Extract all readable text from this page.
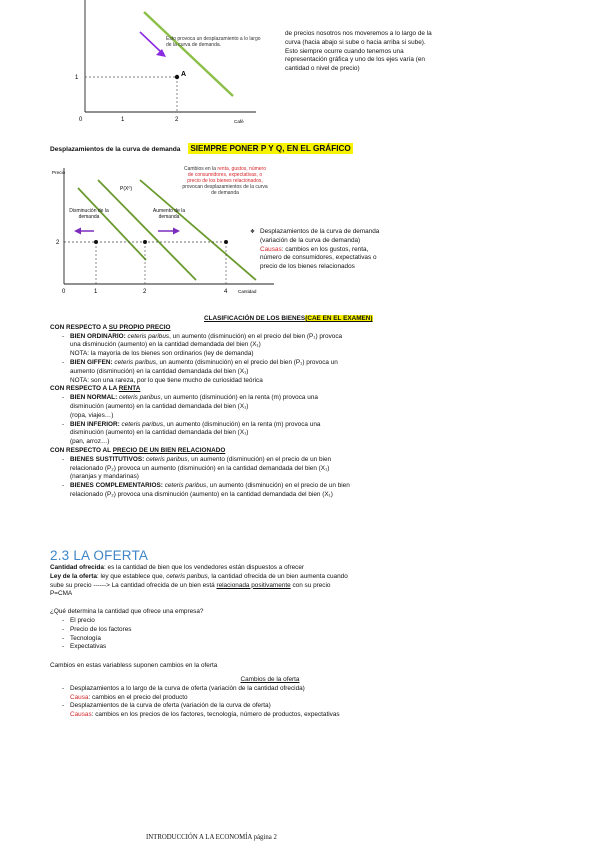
A
1
0	1	2	Café
Esto provoca un desplazamiento a lo largo de la curva de demanda.
de precios nosotros nos moveremos a lo largo de la
curva (hacia abajo si sube o hacia arriba si sube).
Esto siempre ocurre cuando tenemos una
representación gráfica y uno de los ejes varía (en
cantidad o nivel de precio)
Desplazamientos de la curva de demanda SIEMPRE PONER P Y Q, EN EL GRÁFICO
Precio
P(X⁰)
Disminución de la demanda
Aumento de la demanda
Cambios en la renta, gustos, número de consumidores, expectativas, o precio de los bienes relacionados, provocan desplazamientos de la curva de demanda
2
0	1	2	4 Cantidad
❖ Desplazamientos de la curva de demanda
(variación de la curva de demanda)
Causas: cambios en los gustos, renta,
número de consumidores, expectativas o
precio de los bienes relacionados
CLASIFICACIÓN DE LOS BIENES(CAE EN EL EXAMEN)
CON RESPECTO A SU PROPIO PRECIO
- BIEN ORDINARIO: ceteris paribus, un aumento (disminución) en el precio del bien (P₁) provoca
una disminución (aumento) en la cantidad demandada del bien (X₁)
NOTA: la mayoría de los bienes son ordinarios (ley de demanda)
- BIEN GIFFEN: ceteris paribus, un aumento (disminución) en el precio del bien (P₁) provoca un
aumento (disminución) en la cantidad demandada del bien (X₁)
NOTA: son una rareza, por lo que tiene mucho de curiosidad teórica
CON RESPECTO A LA RENTA
- BIEN NORMAL: ceteris paribus, un aumento (disminución) en la renta (m) provoca una
disminución (aumento) en la cantidad demandada del bien (X₁)
(ropa, viajes…)
- BIEN INFERIOR: ceteris paribus, un aumento (disminución) en la renta (m) provoca una
disminución (aumento) en la cantidad demandada del bien (X₁)
(pan, arroz…)
CON RESPECTO AL PRECIO DE UN BIEN RELACIONADO
- BIENES SUSTITUTIVOS: ceteris paribus, un aumento (disminución) en el precio de un bien
relacionado (P₂) provoca un aumento (disminución) en la cantidad demandada del bien (X₁)
(naranjas y mandarinas)
- BIENES COMPLEMENTARIOS: ceteris paribus, un aumento (disminución) en el precio de un bien
relacionado (P₂) provoca una disminución (aumento) en la cantidad demandada del bien (X₁)
2.3 LA OFERTA
Cantidad ofrecida: es la cantidad de bien que los vendedores están dispuestos a ofrecer
Ley de la oferta: ley que establece que, ceteris paribus, la cantidad ofrecida de un bien aumenta cuando
sube su precio ------> La cantidad ofrecida de un bien está relacionada positivamente con su precio
P=CMA
¿Qué determina la cantidad que ofrece una empresa?
- El precio
- Precio de los factores
- Tecnología
- Expectativas
Cambios en estas variabless suponen cambios en la oferta
Cambios de la oferta
- Desplazamientos a lo largo de la curva de oferta (variación de la cantidad ofrecida)
Causa: cambios en el precio del producto
- Desplazamientos de la curva de oferta (variación de la curva de oferta)
Causas: cambios en los precios de los factores, tecnología, número de productos, expectativas
INTRODUCCIÓN A LA ECONOMÍA página 2
